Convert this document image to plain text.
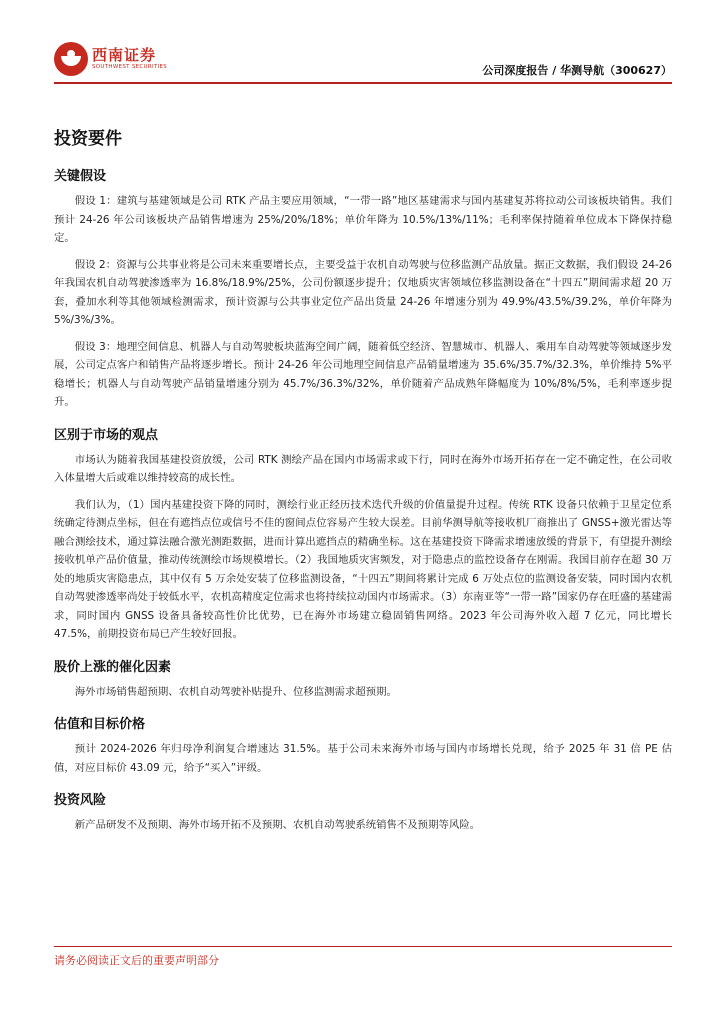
西南证券
SOUTHWEST SECURITIES	公司深度报告 / 华测导航（300627）
投资要件
关键假设

假设 1：建筑与基建领域是公司 RTK 产品主要应用领域，“一带一路”地区基建需求与国内基建复苏将拉动公司该板块销售。我们预计 24-26 年公司该板块产品销售增速为 25%/20%/18%；单价年降为 10.5%/13%/11%；毛利率保持随着单位成本下降保持稳定。

假设 2：资源与公共事业将是公司未来重要增长点，主要受益于农机自动驾驶与位移监测产品放量。据正文数据，我们假设 24-26 年我国农机自动驾驶渗透率为 16.8%/18.9%/25%，公司份额逐步提升；仅地质灾害领域位移监测设备在“十四五”期间需求超 20 万套，叠加水利等其他领域检测需求，预计资源与公共事业定位产品出货量 24-26 年增速分别为 49.9%/43.5%/39.2%，单价年降为 5%/3%/3%。

假设 3：地理空间信息、机器人与自动驾驶板块蓝海空间广阔，随着低空经济、智慧城市、机器人、乘用车自动驾驶等领域逐步发展，公司定点客户和销售产品将逐步增长。预计 24-26 年公司地理空间信息产品销量增速为 35.6%/35.7%/32.3%，单价维持 5%平稳增长；机器人与自动驾驶产品销量增速分别为 45.7%/36.3%/32%，单价随着产品成熟年降幅度为 10%/8%/5%，毛利率逐步提升。

区别于市场的观点

市场认为随着我国基建投资放缓，公司 RTK 测绘产品在国内市场需求或下行，同时在海外市场开拓存在一定不确定性，在公司收入体量增大后或难以维持较高的成长性。

我们认为，（1）国内基建投资下降的同时，测绘行业正经历技术迭代升级的价值量提升过程。传统 RTK 设备只依赖于卫星定位系统确定待测点坐标，但在有遮挡点位或信号不佳的窗间点位容易产生较大误差。目前华测导航等接收机厂商推出了 GNSS+激光雷达等融合测绘技术，通过算法融合激光测距数据，进而计算出遮挡点的精确坐标。这在基建投资下降需求增速放缓的背景下，有望提升测绘接收机单产品价值量，推动传统测绘市场规模增长。（2）我国地质灾害频发，对于隐患点的监控设备存在刚需。我国目前存在超 30 万处的地质灾害隐患点，其中仅有 5 万余处安装了位移监测设备，“十四五”期间将累计完成 6 万处点位的监测设备安装，同时国内农机自动驾驶渗透率尚处于较低水平，农机高精度定位需求也将持续拉动国内市场需求。（3）东南亚等“一带一路”国家仍存在旺盛的基建需求，同时国内 GNSS 设备具备较高性价比优势，已在海外市场建立稳固销售网络。2023 年公司海外收入超 7 亿元，同比增长 47.5%，前期投资布局已产生较好回报。

股价上涨的催化因素

海外市场销售超预期、农机自动驾驶补贴提升、位移监测需求超预期。

估值和目标价格

预计 2024-2026 年归母净利润复合增速达 31.5%。基于公司未来海外市场与国内市场增长兑现，给予 2025 年 31 倍 PE 估值，对应目标价 43.09 元，给予“买入”评级。

投资风险

新产品研发不及预期、海外市场开拓不及预期、农机自动驾驶系统销售不及预期等风险。

请务必阅读正文后的重要声明部分
